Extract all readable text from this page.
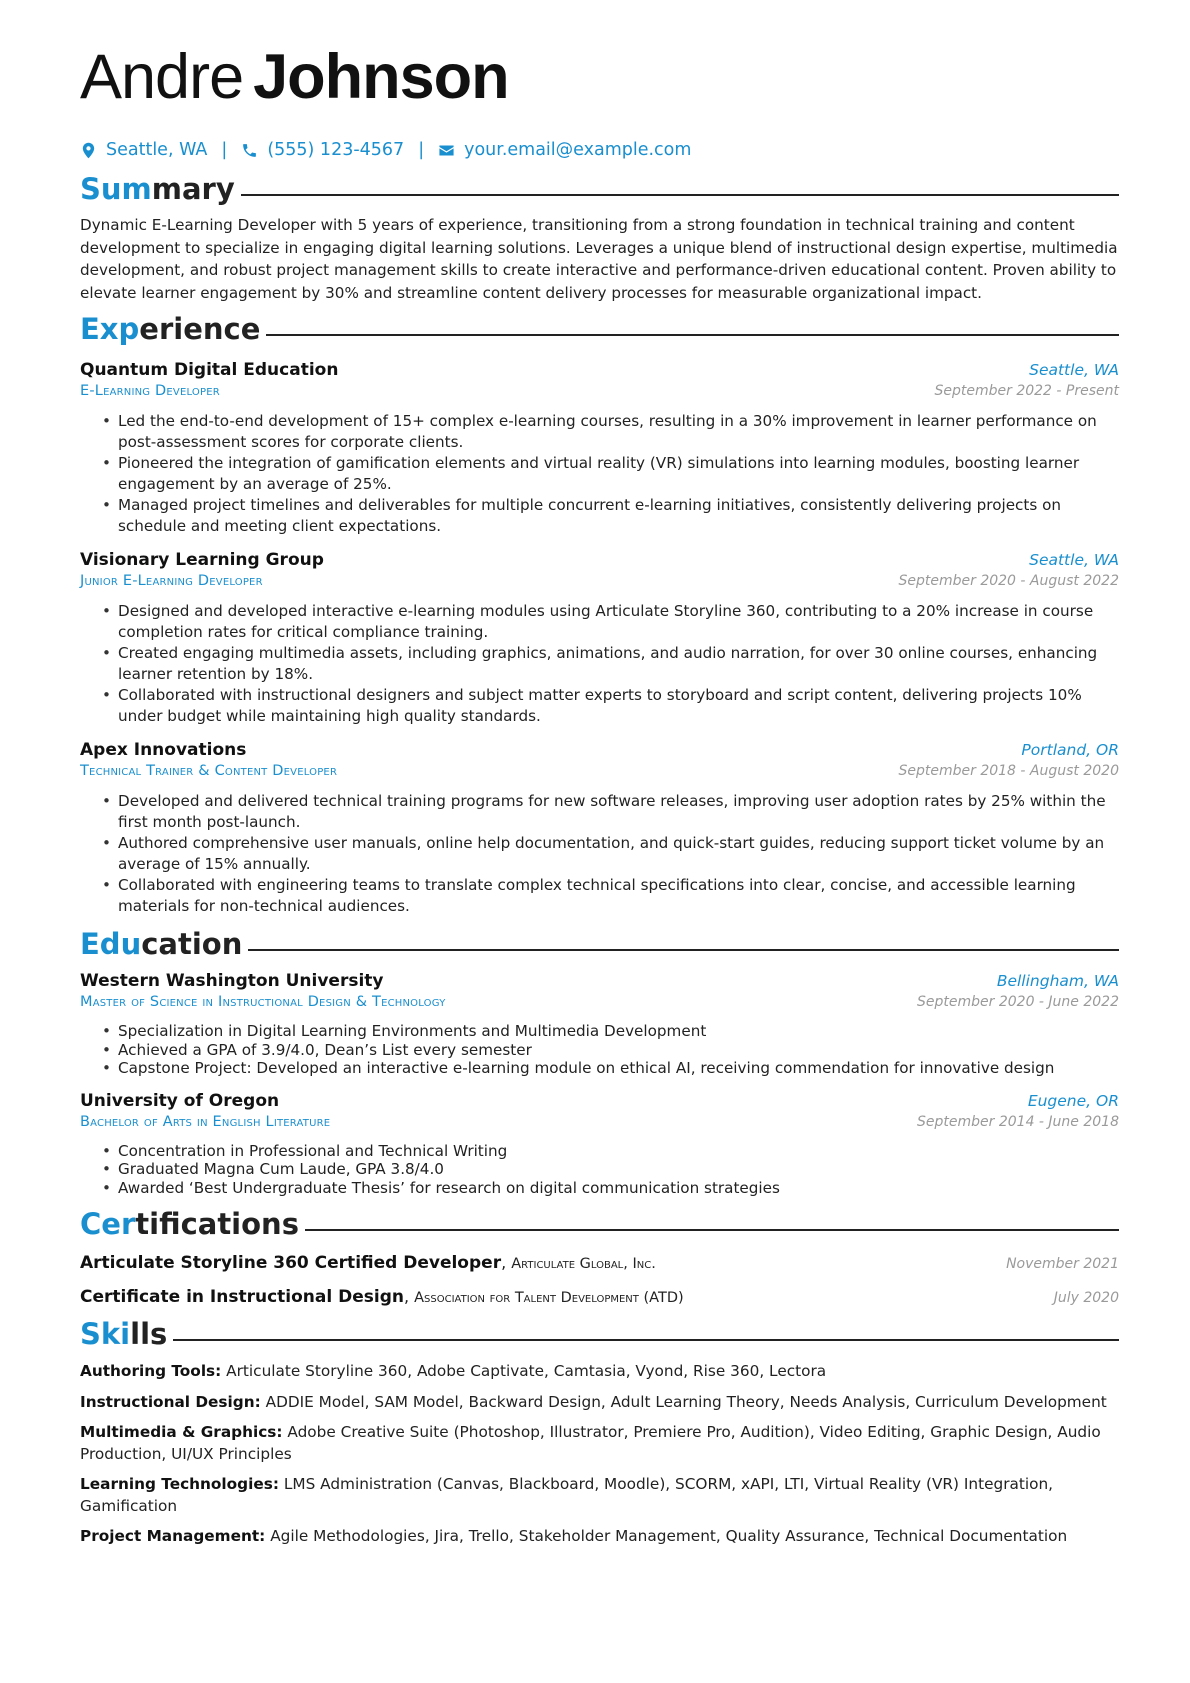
Andre Johnson
Seattle, WA | (555) 123-4567 | your.email@example.com
Summary

Dynamic E-Learning Developer with 5 years of experience, transitioning from a strong foundation in technical training and content development to specialize in engaging digital learning solutions. Leverages a unique blend of instructional design expertise, multimedia development, and robust project management skills to create interactive and performance-driven educational content. Proven ability to elevate learner engagement by 30% and streamline content delivery processes for measurable organizational impact.

Experience
Quantum Digital Education	Seattle, WA
E-Learning Developer	September 2022 - Present
• Led the end-to-end development of 15+ complex e-learning courses, resulting in a 30% improvement in learner performance on post-assessment scores for corporate clients.
• Pioneered the integration of gamification elements and virtual reality (VR) simulations into learning modules, boosting learner engagement by an average of 25%.
• Managed project timelines and deliverables for multiple concurrent e-learning initiatives, consistently delivering projects on schedule and meeting client expectations.
Visionary Learning Group	Seattle, WA
Junior E-Learning Developer	September 2020 - August 2022
• Designed and developed interactive e-learning modules using Articulate Storyline 360, contributing to a 20% increase in course completion rates for critical compliance training.
• Created engaging multimedia assets, including graphics, animations, and audio narration, for over 30 online courses, enhancing learner retention by 18%.
• Collaborated with instructional designers and subject matter experts to storyboard and script content, delivering projects 10% under budget while maintaining high quality standards.
Apex Innovations	Portland, OR
Technical Trainer & Content Developer	September 2018 - August 2020
• Developed and delivered technical training programs for new software releases, improving user adoption rates by 25% within the first month post-launch.
• Authored comprehensive user manuals, online help documentation, and quick-start guides, reducing support ticket volume by an average of 15% annually.
• Collaborated with engineering teams to translate complex technical specifications into clear, concise, and accessible learning materials for non-technical audiences.
Education
Western Washington University	Bellingham, WA
Master of Science in Instructional Design & Technology	September 2020 - June 2022
• Specialization in Digital Learning Environments and Multimedia Development
• Achieved a GPA of 3.9/4.0, Dean’s List every semester
• Capstone Project: Developed an interactive e-learning module on ethical AI, receiving commendation for innovative design
University of Oregon	Eugene, OR
Bachelor of Arts in English Literature	September 2014 - June 2018
• Concentration in Professional and Technical Writing
• Graduated Magna Cum Laude, GPA 3.8/4.0
• Awarded ‘Best Undergraduate Thesis’ for research on digital communication strategies
Certifications
Articulate Storyline 360 Certified Developer, Articulate Global, Inc.	November 2021
Certificate in Instructional Design, Association for Talent Development (ATD)	July 2020
Skills
Authoring Tools: Articulate Storyline 360, Adobe Captivate, Camtasia, Vyond, Rise 360, Lectora
Instructional Design: ADDIE Model, SAM Model, Backward Design, Adult Learning Theory, Needs Analysis, Curriculum Development
Multimedia & Graphics: Adobe Creative Suite (Photoshop, Illustrator, Premiere Pro, Audition), Video Editing, Graphic Design, Audio Production, UI/UX Principles
Learning Technologies: LMS Administration (Canvas, Blackboard, Moodle), SCORM, xAPI, LTI, Virtual Reality (VR) Integration, Gamification
Project Management: Agile Methodologies, Jira, Trello, Stakeholder Management, Quality Assurance, Technical Documentation
